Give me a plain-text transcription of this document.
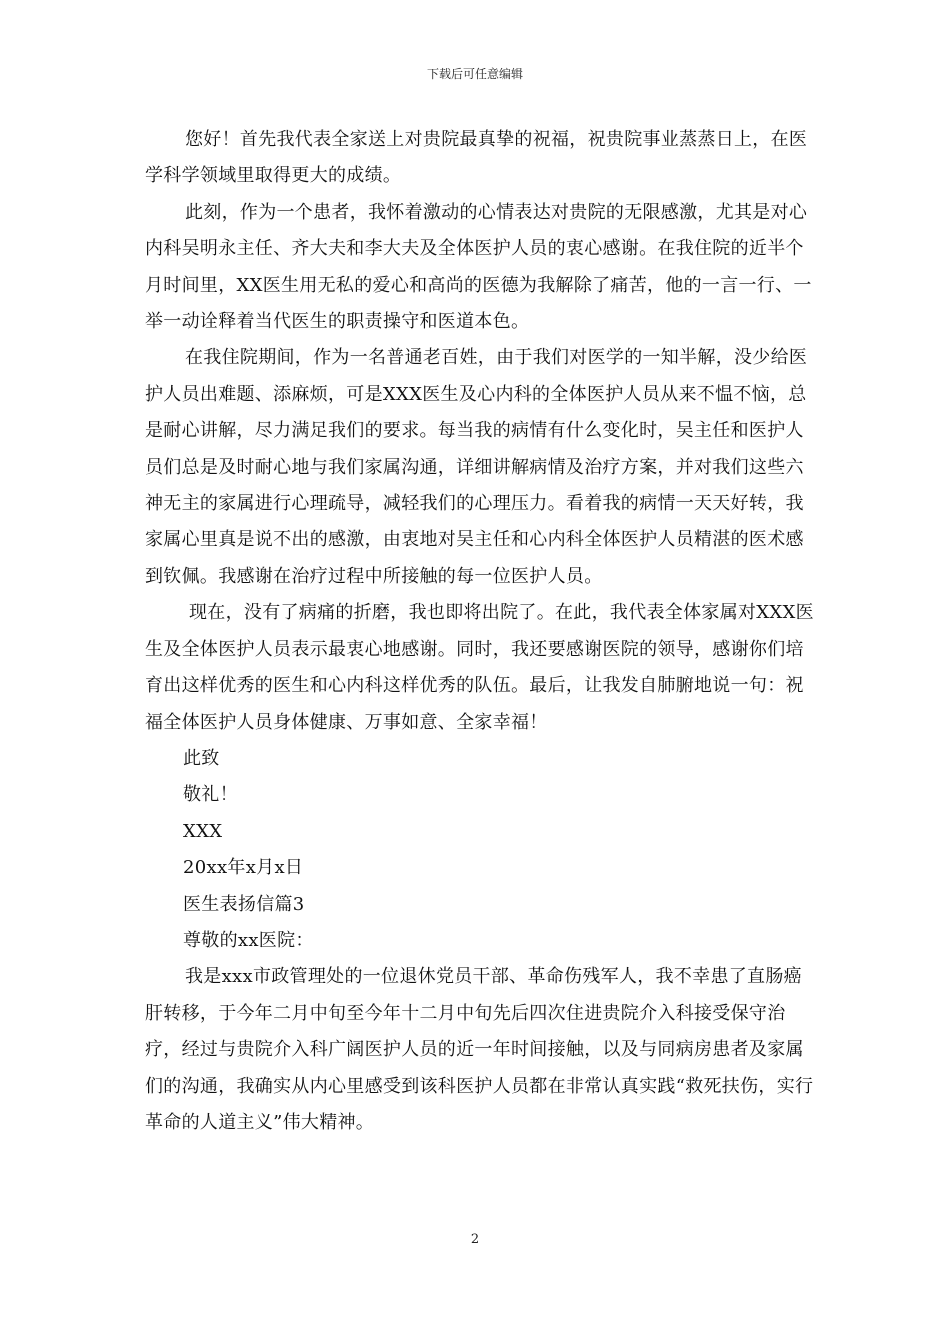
下载后可任意编辑

您好！首先我代表全家送上对贵院最真挚的祝福，祝贵院事业蒸蒸日上，在医学科学领域里取得更大的成绩。

此刻，作为一个患者，我怀着激动的心情表达对贵院的无限感激，尤其是对心内科吴明永主任、齐大夫和李大夫及全体医护人员的衷心感谢。在我住院的近半个月时间里，XX医生用无私的爱心和高尚的医德为我解除了痛苦，他的一言一行、一举一动诠释着当代医生的职责操守和医道本色。

在我住院期间，作为一名普通老百姓，由于我们对医学的一知半解，没少给医护人员出难题、添麻烦，可是XXX医生及心内科的全体医护人员从来不愠不恼，总是耐心讲解，尽力满足我们的要求。每当我的病情有什么变化时，吴主任和医护人员们总是及时耐心地与我们家属沟通，详细讲解病情及治疗方案，并对我们这些六神无主的家属进行心理疏导，减轻我们的心理压力。看着我的病情一天天好转，我家属心里真是说不出的感激，由衷地对吴主任和心内科全体医护人员精湛的医术感到钦佩。我感谢在治疗过程中所接触的每一位医护人员。

现在，没有了病痛的折磨，我也即将出院了。在此，我代表全体家属对XXX医生及全体医护人员表示最衷心地感谢。同时，我还要感谢医院的领导，感谢你们培育出这样优秀的医生和心内科这样优秀的队伍。最后，让我发自肺腑地说一句：祝福全体医护人员身体健康、万事如意、全家幸福！

此致

敬礼！

XXX

20xx年x月x日

医生表扬信篇3

尊敬的xx医院：

我是xxx市政管理处的一位退休党员干部、革命伤残军人，我不幸患了直肠癌肝转移，于今年二月中旬至今年十二月中旬先后四次住进贵院介入科接受保守治疗，经过与贵院介入科广阔医护人员的近一年时间接触，以及与同病房患者及家属们的沟通，我确实从内心里感受到该科医护人员都在非常认真实践“救死扶伤，实行革命的人道主义”伟大精神。

2
